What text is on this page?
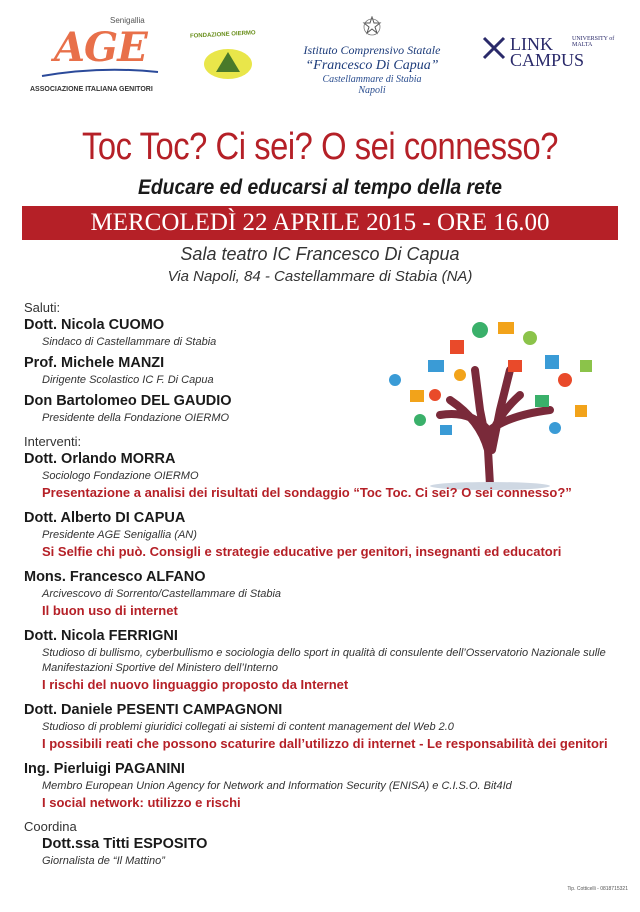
Senigallia
AGE
ASSOCIAZIONE ITALIANA GENITORI
FONDAZIONE OIERMO
Istituto Comprensivo Statale
“Francesco Di Capua”
Castellammare di Stabia
Napoli
LINK
CAMPUS
UNIVERSITY of MALTA
Toc Toc? Ci sei? O sei connesso?
Educare ed educarsi al tempo della rete
MERCOLEDÌ 22 APRILE 2015 - ORE 16.00
Sala teatro IC Francesco Di Capua
Via Napoli, 84 - Castellammare di Stabia (NA)
Saluti:
Dott. Nicola CUOMO
Sindaco di Castellammare di Stabia
Prof. Michele MANZI
Dirigente Scolastico IC F. Di Capua
Don Bartolomeo DEL GAUDIO
Presidente della Fondazione OIERMO
Interventi:
Dott. Orlando MORRA
Sociologo Fondazione OIERMO
Presentazione a analisi dei risultati del sondaggio “Toc Toc. Ci sei? O sei connesso?”
Dott. Alberto DI CAPUA
Presidente AGE Senigallia (AN)
Si Selfie chi può. Consigli e strategie educative per genitori, insegnanti ed educatori
Mons. Francesco ALFANO
Arcivescovo di Sorrento/Castellammare di Stabia
Il buon uso di internet
Dott. Nicola FERRIGNI
Studioso di bullismo, cyberbullismo e sociologia dello sport in qualità di consulente dell’Osservatorio Nazionale sulle Manifestazioni Sportive del Ministero dell’Interno
I rischi del nuovo linguaggio proposto da Internet
Dott. Daniele PESENTI CAMPAGNONI
Studioso di problemi giuridici collegati ai sistemi di content management del Web 2.0
I possibili reati che possono scaturire dall’utilizzo di internet - Le responsabilità dei genitori
Ing. Pierluigi PAGANINI
Membro European Union Agency for Network and Information Security (ENISA) e C.I.S.O. Bit4Id
I social network: utilizzo e rischi
Coordina
Dott.ssa Titti ESPOSITO
Giornalista de “Il Mattino”
Tip. Cotticelli - 0818715321
